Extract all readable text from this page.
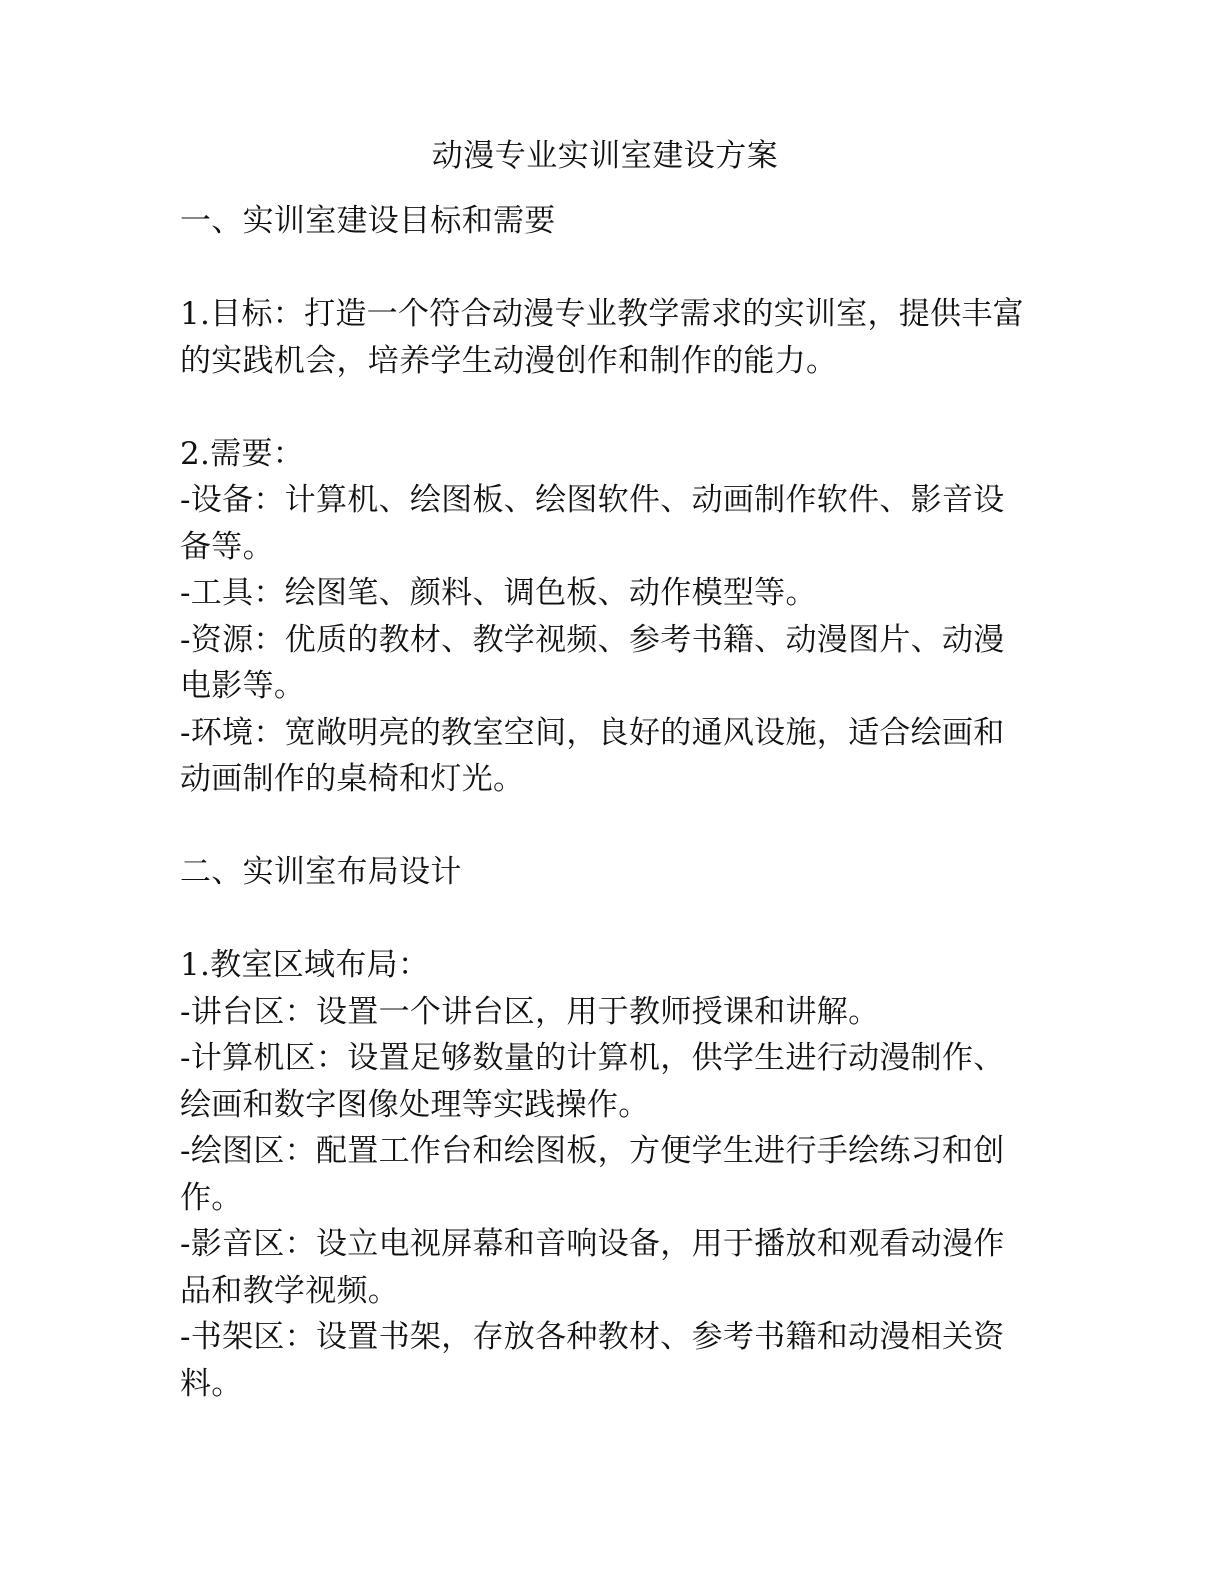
动漫专业实训室建设方案

一、实训室建设目标和需要

1.目标：打造一个符合动漫专业教学需求的实训室，提供丰富

的实践机会，培养学生动漫创作和制作的能力。

2.需要：

-设备：计算机、绘图板、绘图软件、动画制作软件、影音设

备等。

-工具：绘图笔、颜料、调色板、动作模型等。

-资源：优质的教材、教学视频、参考书籍、动漫图片、动漫

电影等。

-环境：宽敞明亮的教室空间，良好的通风设施，适合绘画和

动画制作的桌椅和灯光。

二、实训室布局设计

1.教室区域布局：

-讲台区：设置一个讲台区，用于教师授课和讲解。

-计算机区：设置足够数量的计算机，供学生进行动漫制作、

绘画和数字图像处理等实践操作。

-绘图区：配置工作台和绘图板，方便学生进行手绘练习和创

作。

-影音区：设立电视屏幕和音响设备，用于播放和观看动漫作

品和教学视频。

-书架区：设置书架，存放各种教材、参考书籍和动漫相关资

料。
